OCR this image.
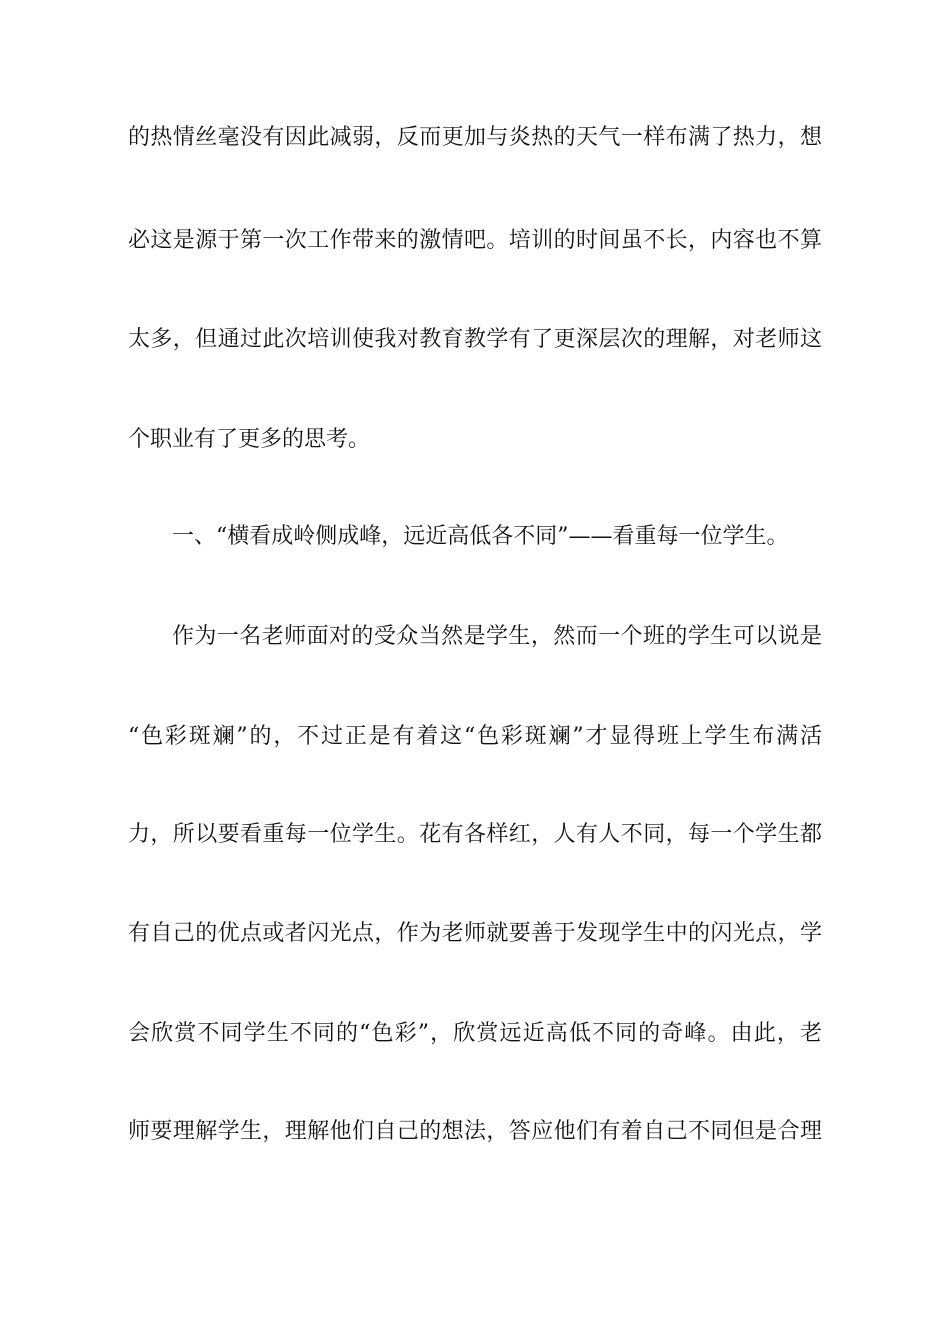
的热情丝毫没有因此减弱，反而更加与炎热的天气一样布满了热力，想
必这是源于第一次工作带来的激情吧。培训的时间虽不长，内容也不算
太多，但通过此次培训使我对教育教学有了更深层次的理解，对老师这
个职业有了更多的思考。
一、“横看成岭侧成峰，远近高低各不同”——看重每一位学生。
作为一名老师面对的受众当然是学生，然而一个班的学生可以说是
“色彩斑斓”的，不过正是有着这“色彩斑斓”才显得班上学生布满活
力，所以要看重每一位学生。花有各样红，人有人不同，每一个学生都
有自己的优点或者闪光点，作为老师就要善于发现学生中的闪光点，学
会欣赏不同学生不同的“色彩”，欣赏远近高低不同的奇峰。由此，老
师要理解学生，理解他们自己的想法，答应他们有着自己不同但是合理
